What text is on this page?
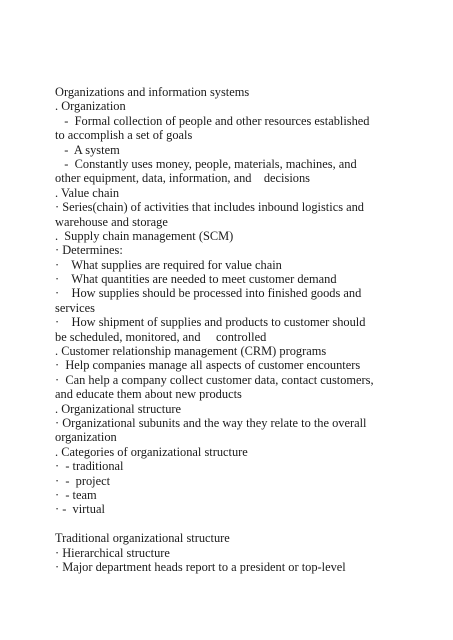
Organizations and information systems
. Organization
-  Formal collection of people and other resources established
to accomplish a set of goals
-  A system
-  Constantly uses money, people, materials, machines, and
other equipment, data, information, and    decisions
. Value chain
· Series(chain) of activities that includes inbound logistics and
warehouse and storage
.  Supply chain management (SCM)
· Determines:
·    What supplies are required for value chain
·    What quantities are needed to meet customer demand
·    How supplies should be processed into finished goods and
services
·    How shipment of supplies and products to customer should
be scheduled, monitored, and     controlled
. Customer relationship management (CRM) programs
·  Help companies manage all aspects of customer encounters
·  Can help a company collect customer data, contact customers,
and educate them about new products
. Organizational structure
· Organizational subunits and the way they relate to the overall
organization
. Categories of organizational structure
·  - traditional
·  -  project
·  - team
· -  virtual
Traditional organizational structure
· Hierarchical structure
· Major department heads report to a president or top-level
